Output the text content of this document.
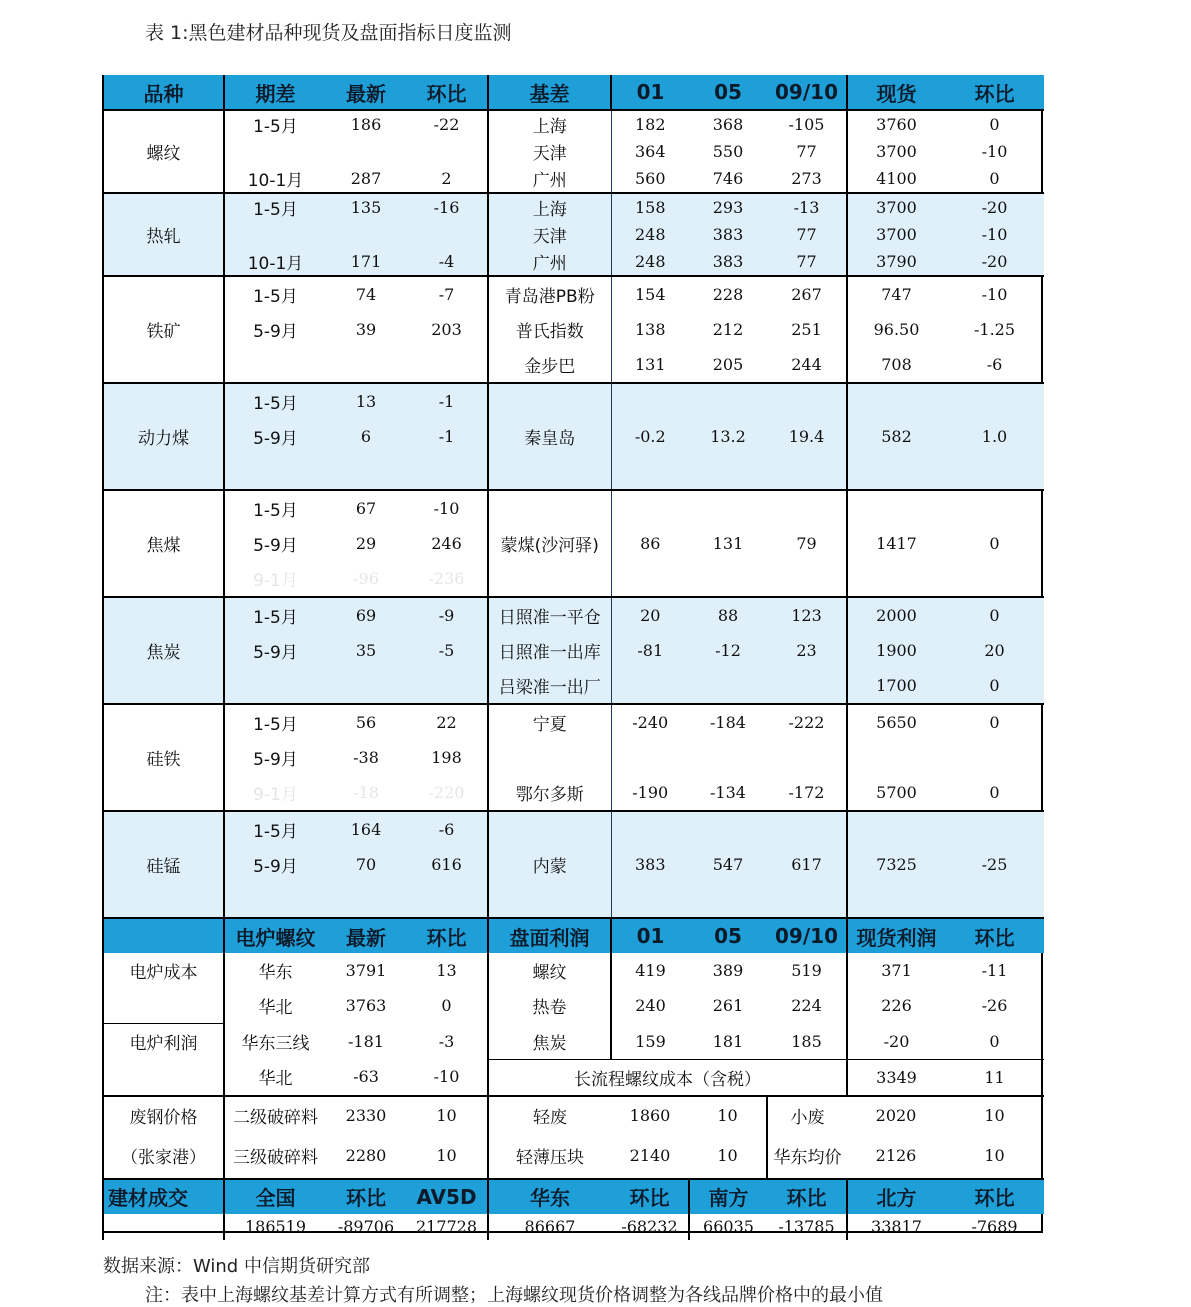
表 1:黑色建材品种现货及盘面指标日度监测
品种	期差	最新	环比	基差	01	05	09/10	现货	环比
	1-5月	186	-22	上海	182	368	-105	3760	0
螺纹				天津	364	550	77	3700	-10
	10-1月	287	2	广州	560	746	273	4100	0
	1-5月	135	-16	上海	158	293	-13	3700	-20
热轧				天津	248	383	77	3700	-10
	10-1月	171	-4	广州	248	383	77	3790	-20
	1-5月	74	-7	青岛港PB粉	154	228	267	747	-10
铁矿	5-9月	39	203	普氏指数	138	212	251	96.50	-1.25
				金步巴	131	205	244	708	-6
	1-5月	13	-1						
动力煤	5-9月	6	-1	秦皇岛	-0.2	13.2	19.4	582	1.0

	1-5月	67	-10						
焦煤	5-9月	29	246	蒙煤(沙河驿)	86	131	79	1417	0
	9-1月	-96	-236						
	1-5月	69	-9	日照准一平仓	20	88	123	2000	0
焦炭	5-9月	35	-5	日照准一出库	-81	-12	23	1900	20
				吕梁准一出厂				1700	0
	1-5月	56	22	宁夏	-240	-184	-222	5650	0
硅铁	5-9月	-38	198						
	9-1月	-18	-220	鄂尔多斯	-190	-134	-172	5700	0
	1-5月	164	-6						
硅锰	5-9月	70	616	内蒙	383	547	617	7325	-25

	电炉螺纹	最新	环比	盘面利润	01	05	09/10	现货利润	环比
电炉成本	华东	3791	13	螺纹	419	389	519	371	-11
	华北	3763	0	热卷	240	261	224	226	-26
电炉利润	华东三线	-181	-3	焦炭	159	181	185	-20	0
	华北	-63	-10	长流程螺纹成本（含税）				3349	11
废钢价格	二级破碎料	2330	10	轻废	1860	10	小废	2020	10
（张家港）	三级破碎料	2280	10	轻薄压块	2140	10	华东均价	2126	10
建材成交	全国	环比	AV5D	华东	环比	南方	环比	北方	环比
	186519	-89706	217728	86667	-68232	66035	-13785	33817	-7689
数据来源：Wind 中信期货研究部
注：表中上海螺纹基差计算方式有所调整；上海螺纹现货价格调整为各线品牌价格中的最小值
